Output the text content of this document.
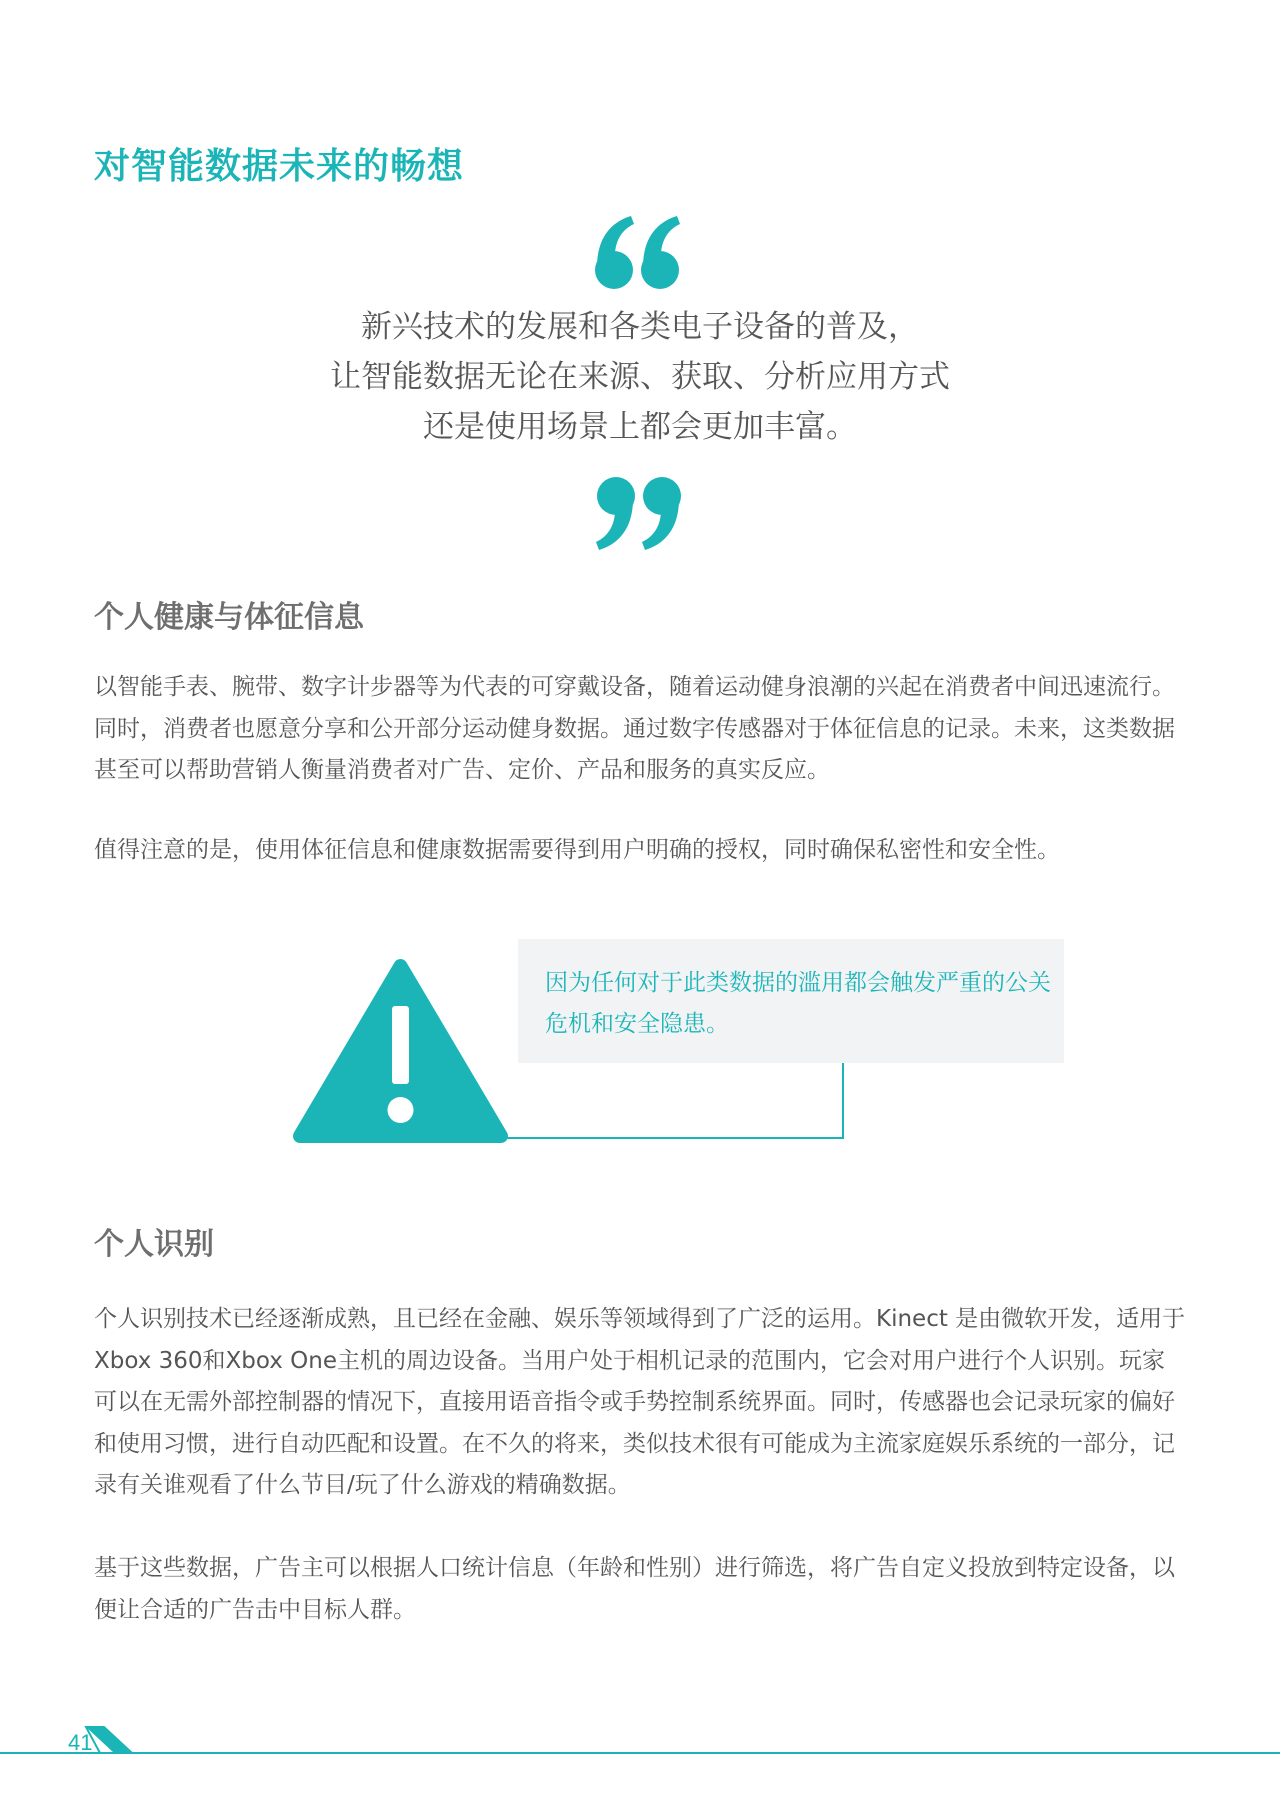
对智能数据未来的畅想
新兴技术的发展和各类电子设备的普及，
让智能数据无论在来源、获取、分析应用方式
还是使用场景上都会更加丰富。
个人健康与体征信息

以智能手表、腕带、数字计步器等为代表的可穿戴设备，随着运动健身浪潮的兴起在消费者中间迅速流行。同时，消费者也愿意分享和公开部分运动健身数据。通过数字传感器对于体征信息的记录。未来，这类数据甚至可以帮助营销人衡量消费者对广告、定价、产品和服务的真实反应。

值得注意的是，使用体征信息和健康数据需要得到用户明确的授权，同时确保私密性和安全性。

因为任何对于此类数据的滥用都会触发严重的公关危机和安全隐患。
个人识别

个人识别技术已经逐渐成熟，且已经在金融、娱乐等领域得到了广泛的运用。Kinect 是由微软开发，适用于Xbox 360和Xbox One主机的周边设备。当用户处于相机记录的范围内，它会对用户进行个人识别。玩家可以在无需外部控制器的情况下，直接用语音指令或手势控制系统界面。同时，传感器也会记录玩家的偏好和使用习惯，进行自动匹配和设置。在不久的将来，类似技术很有可能成为主流家庭娱乐系统的一部分，记录有关谁观看了什么节目/玩了什么游戏的精确数据。

基于这些数据，广告主可以根据人口统计信息（年龄和性别）进行筛选，将广告自定义投放到特定设备，以便让合适的广告击中目标人群。

41
